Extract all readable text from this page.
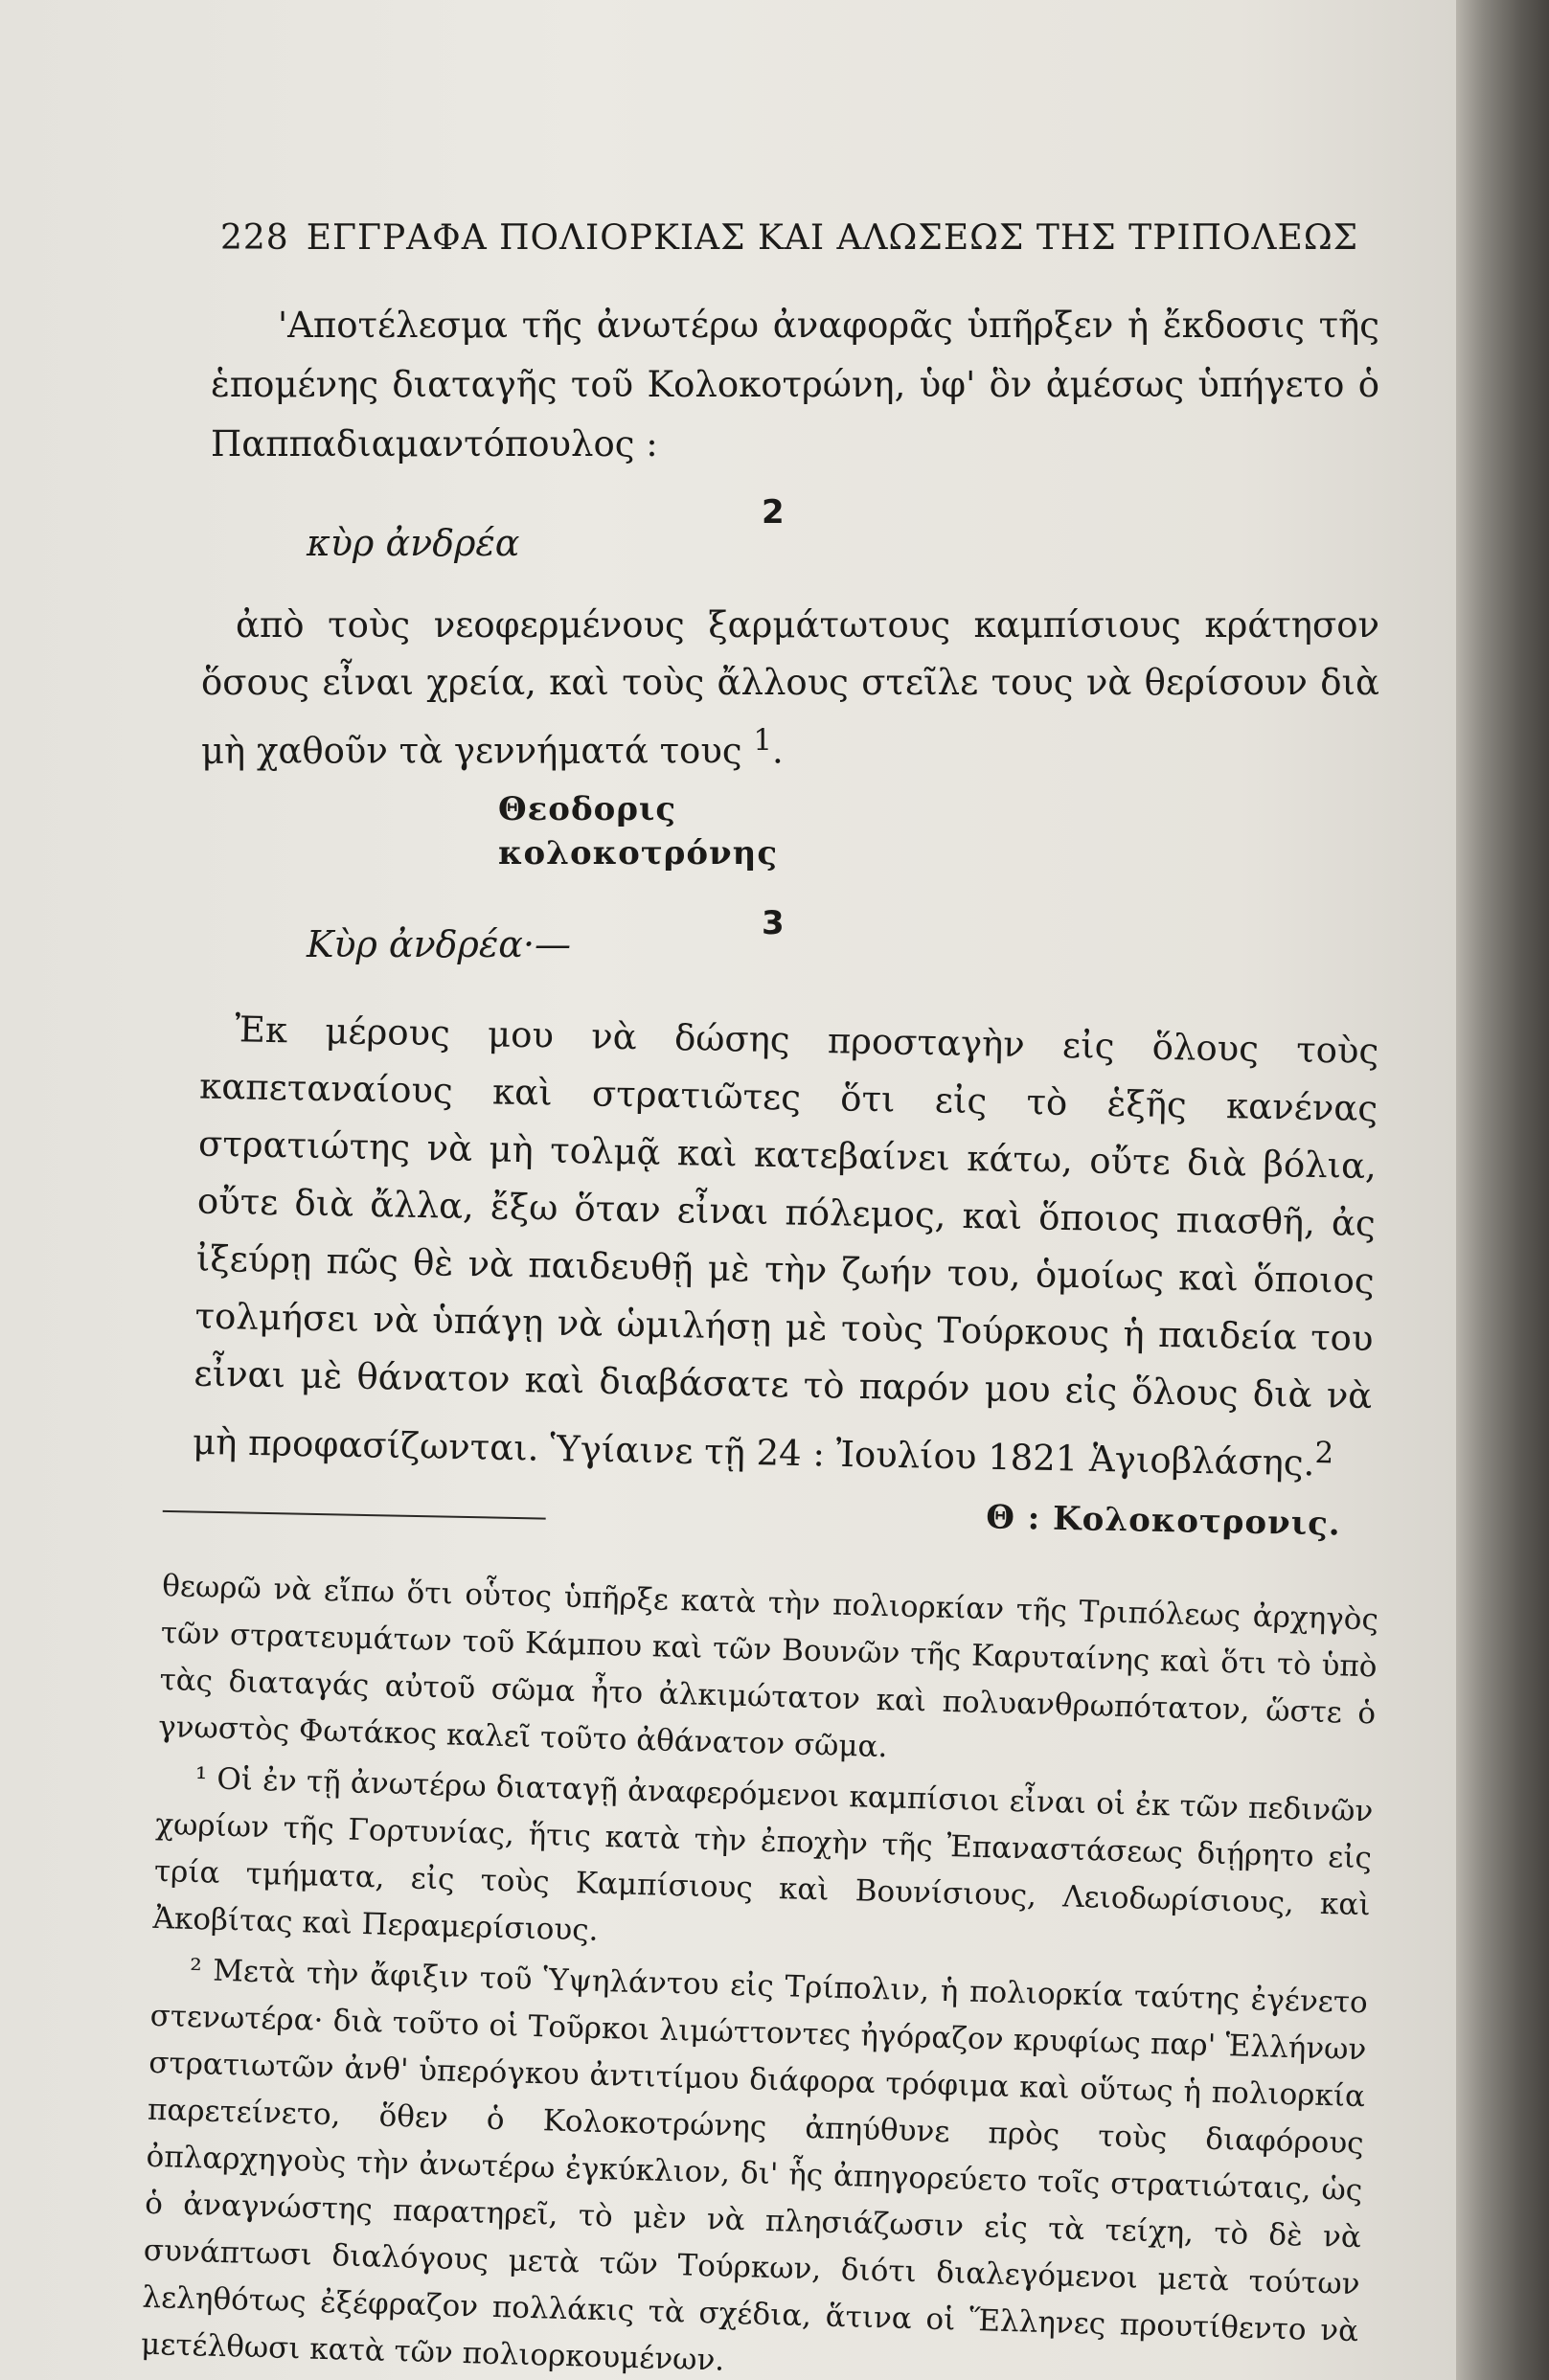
228 ΕΓΓΡΑΦΑ ΠΟΛΙΟΡΚΙΑΣ ΚΑΙ ΑΛΩΣΕΩΣ ΤΗΣ ΤΡΙΠΟΛΕΩΣ

'Αποτέλεσμα τῆς ἀνωτέρω ἀναφορᾶς ὑπῆρξεν ἡ ἔκδοσις τῆς ἑπομένης διαταγῆς τοῦ Κολοκοτρώνη, ὑφ' ὃν ἀμέσως ὑπήγετο ὁ Παππαδιαμαντόπουλος :

κὺρ ἀνδρέα
2

ἀπὸ τοὺς νεοφερμένους ξαρμάτωτους καμπίσιους κράτησον ὅσους εἶναι χρεία, καὶ τοὺς ἄλλους στεῖλε τους νὰ θερίσουν διὰ μὴ χαθοῦν τὰ γεννήματά τους $^1$.

Θεοδορις
κολοκοτρόνης
Κὺρ ἀνδρέα·—	3

Ἐκ μέρους μου νὰ δώσης προσταγὴν εἰς ὅλους τοὺς καπεταναίους καὶ στρατιῶτες ὅτι εἰς τὸ ἑξῆς κανένας στρατιώτης νὰ μὴ τολμᾷ καὶ κατεβαίνει κάτω, οὔτε διὰ βόλια, οὔτε διὰ ἄλλα, ἔξω ὅταν εἶναι πόλεμος, καὶ ὅποιος πιασθῆ, ἀς ἰξεύρῃ πῶς θὲ νὰ παιδευθῇ μὲ τὴν ζωήν του, ὁμοίως καὶ ὅποιος τολμήσει νὰ ὑπάγῃ νὰ ὡμιλήσῃ μὲ τοὺς Τούρκους ἡ παιδεία του εἶναι μὲ θάνατον καὶ διαβάσατε τὸ παρόν μου εἰς ὅλους διὰ νὰ μὴ προφασίζωνται. Ὑγίαινε τῇ 24 : Ἰουλίου 1821 Ἁγιοβλάσης.$^2$

Θ : Κολοκοτρονις.

θεωρῶ νὰ εἴπω ὅτι οὗτος ὑπῆρξε κατὰ τὴν πολιορκίαν τῆς Τριπόλεως ἀρχηγὸς τῶν στρατευμάτων τοῦ Κάμπου καὶ τῶν Βουνῶν τῆς Καρυταίνης καὶ ὅτι τὸ ὑπὸ τὰς διαταγάς αὐτοῦ σῶμα ἦτο ἀλκιμώτατον καὶ πολυανθρωπότατον, ὥστε ὁ γνωστὸς Φωτάκος καλεῖ τοῦτο ἀθάνατον σῶμα.

¹ Οἱ ἐν τῇ ἀνωτέρω διαταγῇ ἀναφερόμενοι καμπίσιοι εἶναι οἱ ἐκ τῶν πεδινῶν χωρίων τῆς Γορτυνίας, ἥτις κατὰ τὴν ἐποχὴν τῆς Ἐπαναστάσεως διῄρητο εἰς τρία τμήματα, εἰς τοὺς Καμπίσιους καὶ Βουνίσιους, Λειοδωρίσιους, καὶ Ἀκοβίτας καὶ Περαμερίσιους.

² Μετὰ τὴν ἄφιξιν τοῦ Ὑψηλάντου εἰς Τρίπολιν, ἡ πολιορκία ταύτης ἐγένετο στενωτέρα· διὰ τοῦτο οἱ Τοῦρκοι λιμώττοντες ἠγόραζον κρυφίως παρ' Ἑλλήνων στρατιωτῶν ἀνθ' ὑπερόγκου ἀντιτίμου διάφορα τρόφιμα καὶ οὕτως ἡ πολιορκία παρετείνετο, ὅθεν ὁ Κολοκοτρώνης ἀπηύθυνε πρὸς τοὺς διαφόρους ὀπλαρχηγοὺς τὴν ἀνωτέρω ἐγκύκλιον, δι' ἧς ἀπηγορεύετο τοῖς στρατιώταις, ὡς ὁ ἀναγνώστης παρατηρεῖ, τὸ μὲν νὰ πλησιάζωσιν εἰς τὰ τείχη, τὸ δὲ νὰ συνάπτωσι διαλόγους μετὰ τῶν Τούρκων, διότι διαλεγόμενοι μετὰ τούτων λεληθότως ἐξέφραζον πολλάκις τὰ σχέδια, ἅτινα οἱ Ἕλληνες προυτίθεντο νὰ μετέλθωσι κατὰ τῶν πολιορκουμένων.
